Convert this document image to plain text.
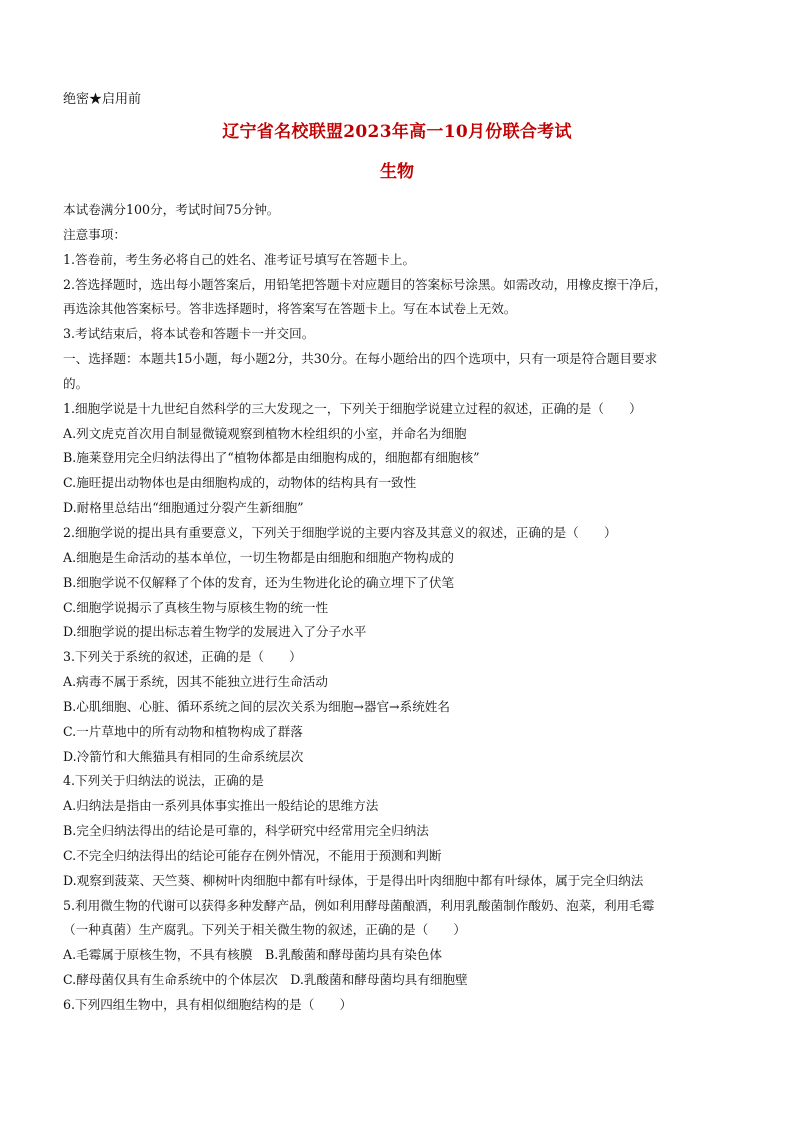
绝密★启用前
辽宁省名校联盟2023年高一10月份联合考试
生物
本试卷满分100分，考试时间75分钟。
注意事项：
1.答卷前，考生务必将自己的姓名、准考证号填写在答题卡上。
2.答选择题时，选出每小题答案后，用铅笔把答题卡对应题目的答案标号涂黑。如需改动，用橡皮擦干净后，
再选涂其他答案标号。答非选择题时，将答案写在答题卡上。写在本试卷上无效。
3.考试结束后，将本试卷和答题卡一并交回。
一、选择题：本题共15小题，每小题2分，共30分。在每小题给出的四个选项中，只有一项是符合题目要求
的。
1.细胞学说是十九世纪自然科学的三大发现之一，下列关于细胞学说建立过程的叙述，正确的是（　　）
A.列文虎克首次用自制显微镜观察到植物木栓组织的小室，并命名为细胞
B.施莱登用完全归纳法得出了“植物体都是由细胞构成的，细胞都有细胞核”
C.施旺提出动物体也是由细胞构成的，动物体的结构具有一致性
D.耐格里总结出“细胞通过分裂产生新细胞”
2.细胞学说的提出具有重要意义，下列关于细胞学说的主要内容及其意义的叙述，正确的是（　　）
A.细胞是生命活动的基本单位，一切生物都是由细胞和细胞产物构成的
B.细胞学说不仅解释了个体的发育，还为生物进化论的确立埋下了伏笔
C.细胞学说揭示了真核生物与原核生物的统一性
D.细胞学说的提出标志着生物学的发展进入了分子水平
3.下列关于系统的叙述，正确的是（　　）
A.病毒不属于系统，因其不能独立进行生命活动
B.心肌细胞、心脏、循环系统之间的层次关系为细胞→器官→系统姓名
C.一片草地中的所有动物和植物构成了群落
D.冷箭竹和大熊猫具有相同的生命系统层次
4.下列关于归纳法的说法，正确的是
A.归纳法是指由一系列具体事实推出一般结论的思维方法
B.完全归纳法得出的结论是可靠的，科学研究中经常用完全归纳法
C.不完全归纳法得出的结论可能存在例外情况，不能用于预测和判断
D.观察到菠菜、天竺葵、柳树叶肉细胞中都有叶绿体，于是得出叶肉细胞中都有叶绿体，属于完全归纳法
5.利用微生物的代谢可以获得多种发酵产品，例如利用酵母菌酿酒，利用乳酸菌制作酸奶、泡菜，利用毛霉
（一种真菌）生产腐乳。下列关于相关微生物的叙述，正确的是（　　）
A.毛霉属于原核生物，不具有核膜　B.乳酸菌和酵母菌均具有染色体
C.酵母菌仅具有生命系统中的个体层次　D.乳酸菌和酵母菌均具有细胞壁
6.下列四组生物中，具有相似细胞结构的是（　　）
